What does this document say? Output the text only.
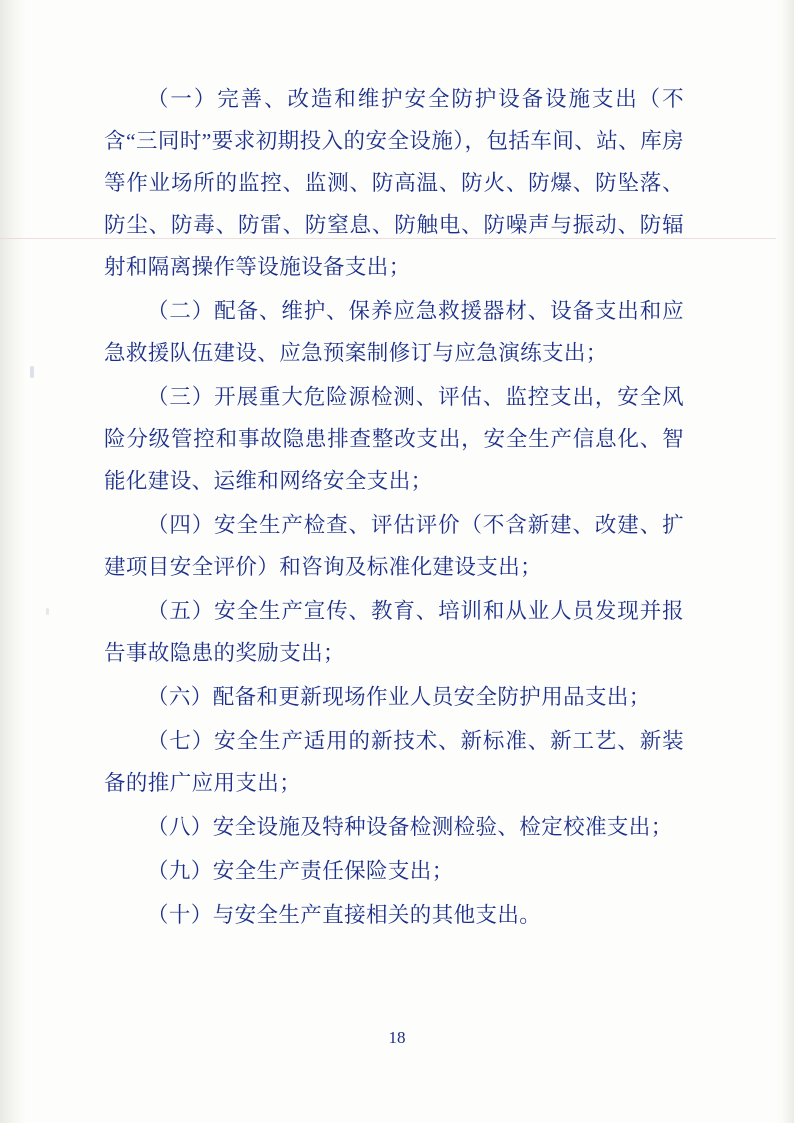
（一）完善、改造和维护安全防护设备设施支出（不含“三同时”要求初期投入的安全设施），包括车间、站、库房等作业场所的监控、监测、防高温、防火、防爆、防坠落、防尘、防毒、防雷、防窒息、防触电、防噪声与振动、防辐射和隔离操作等设施设备支出；

（二）配备、维护、保养应急救援器材、设备支出和应急救援队伍建设、应急预案制修订与应急演练支出；

（三）开展重大危险源检测、评估、监控支出，安全风险分级管控和事故隐患排查整改支出，安全生产信息化、智能化建设、运维和网络安全支出；

（四）安全生产检查、评估评价（不含新建、改建、扩建项目安全评价）和咨询及标准化建设支出；

（五）安全生产宣传、教育、培训和从业人员发现并报告事故隐患的奖励支出；

（六）配备和更新现场作业人员安全防护用品支出；

（七）安全生产适用的新技术、新标准、新工艺、新装备的推广应用支出；

（八）安全设施及特种设备检测检验、检定校准支出；

（九）安全生产责任保险支出；

（十）与安全生产直接相关的其他支出。

18
